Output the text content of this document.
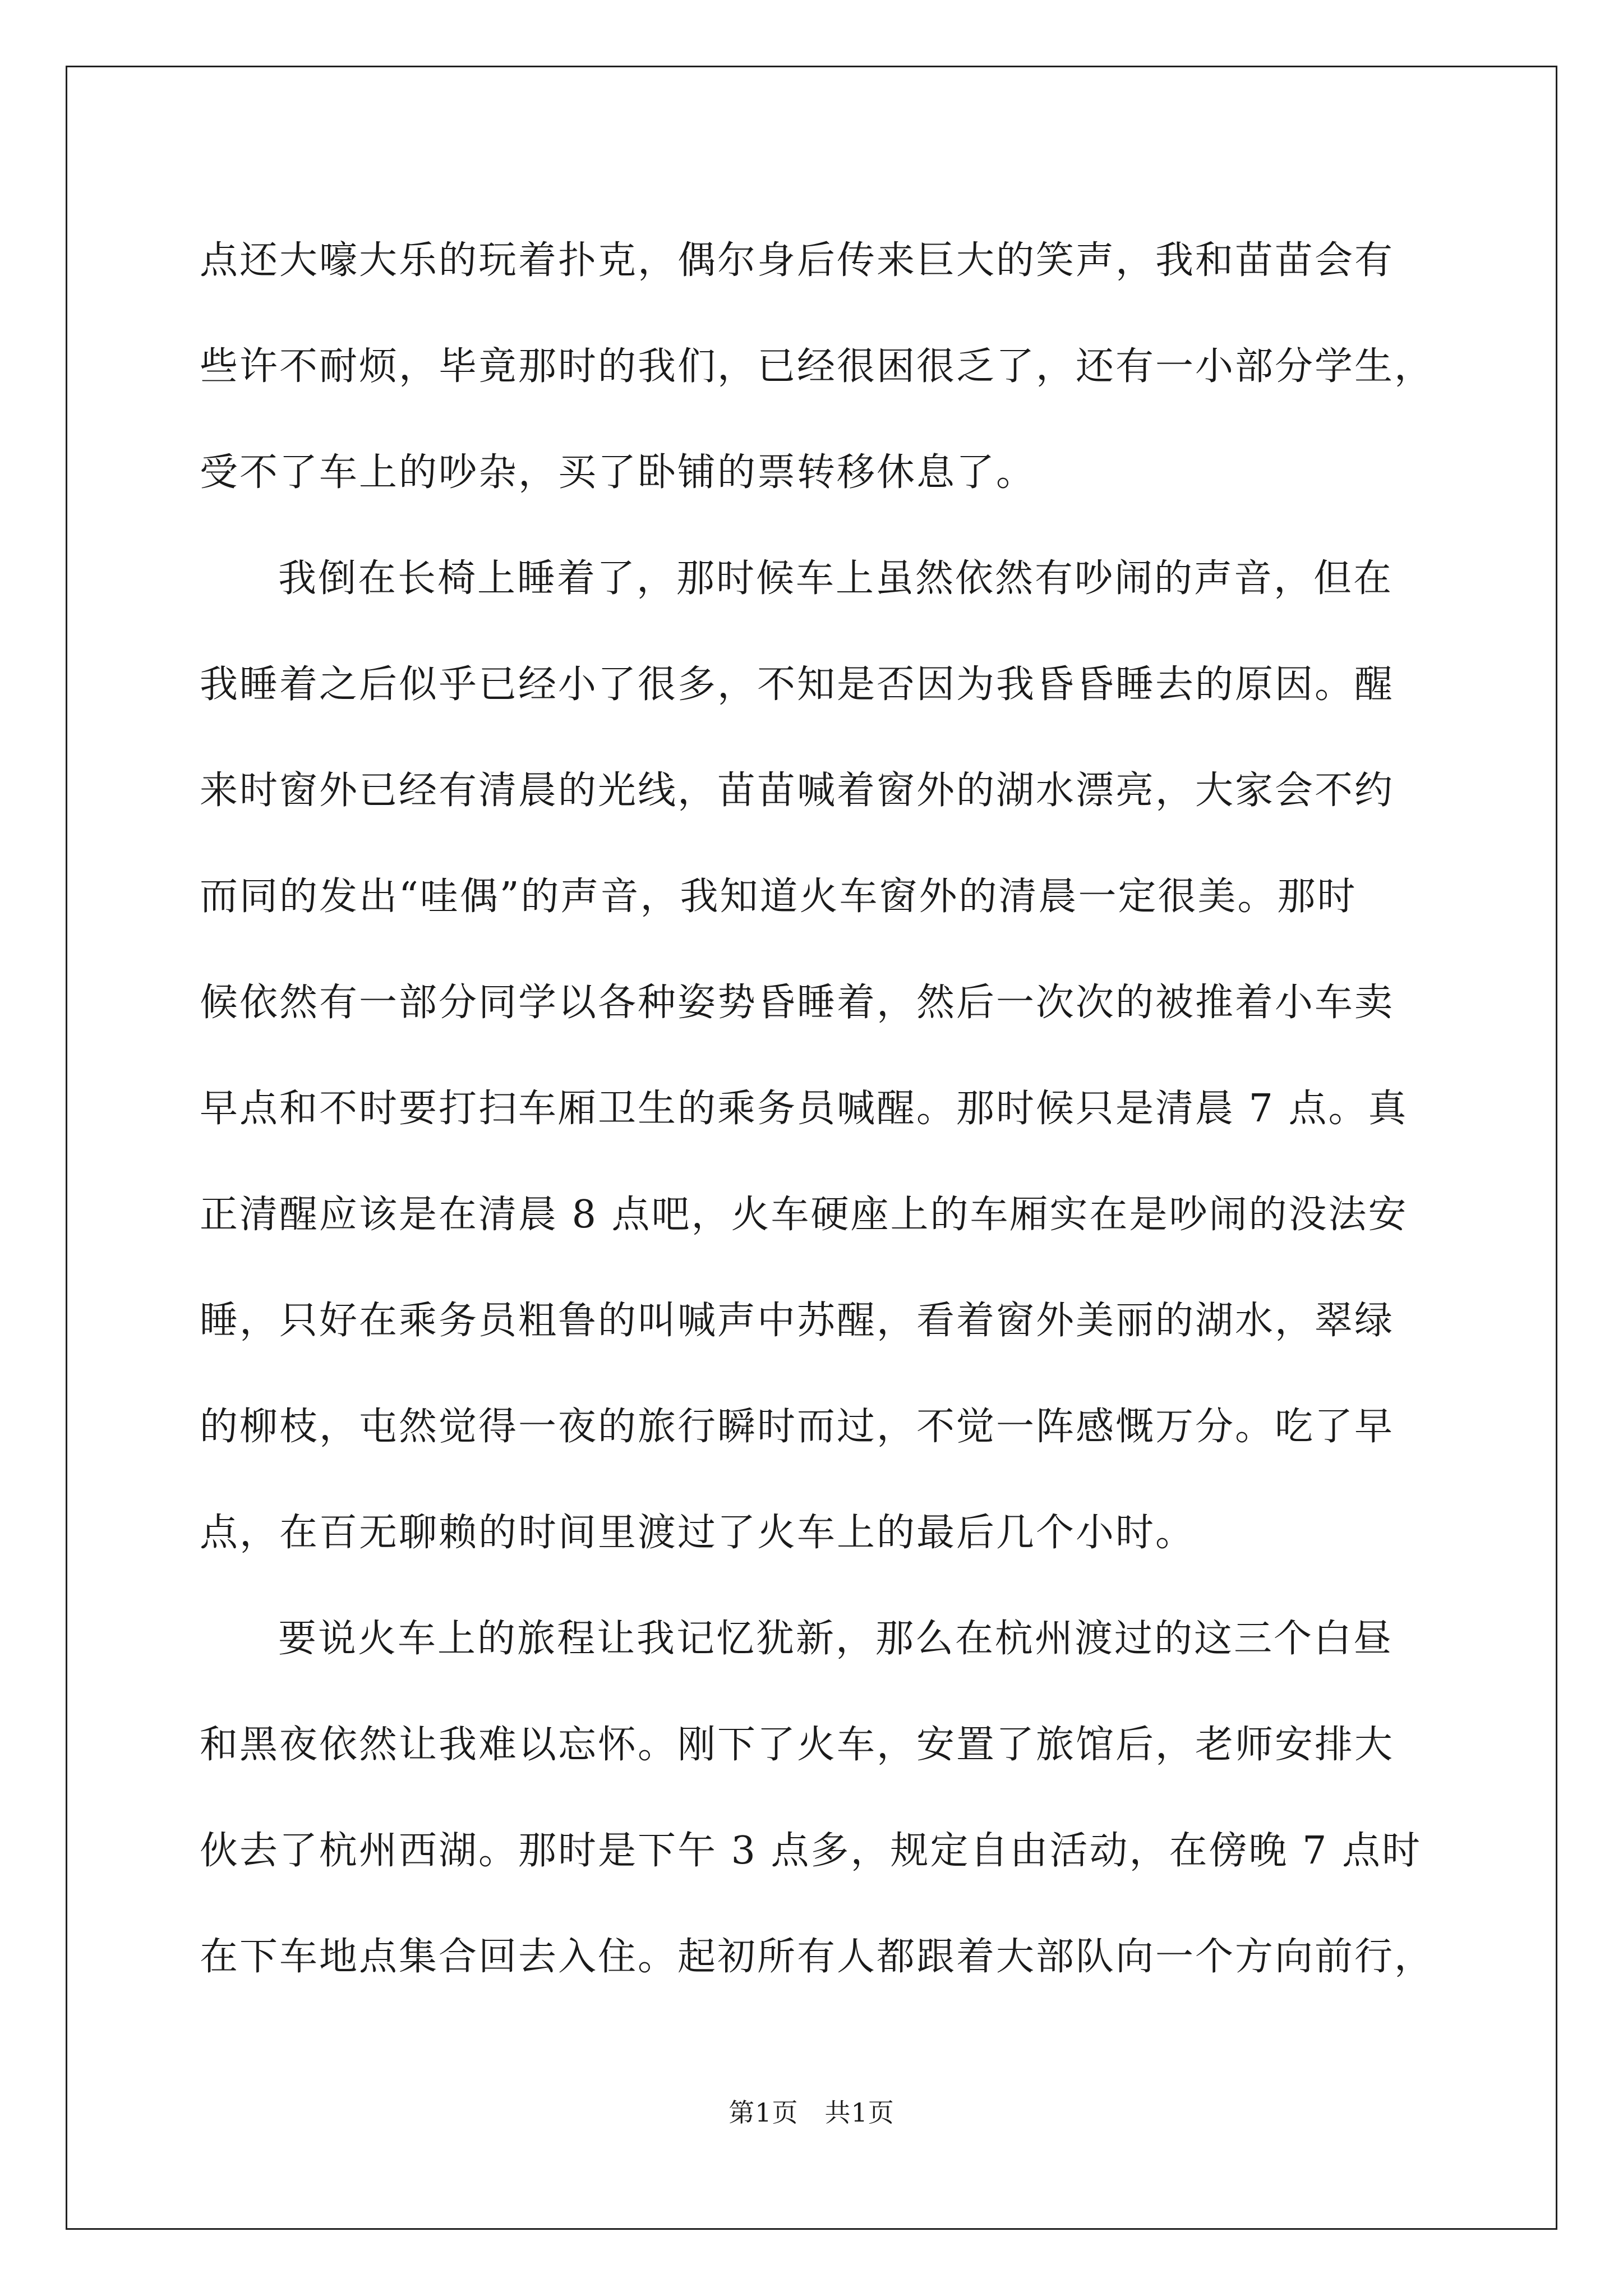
点还大嚎大乐的玩着扑克，偶尔身后传来巨大的笑声，我和苗苗会有
些许不耐烦，毕竟那时的我们，已经很困很乏了，还有一小部分学生，
受不了车上的吵杂，买了卧铺的票转移休息了。
我倒在长椅上睡着了，那时候车上虽然依然有吵闹的声音，但在
我睡着之后似乎已经小了很多，不知是否因为我昏昏睡去的原因。醒
来时窗外已经有清晨的光线，苗苗喊着窗外的湖水漂亮，大家会不约
而同的发出“哇偶”的声音，我知道火车窗外的清晨一定很美。那时
候依然有一部分同学以各种姿势昏睡着，然后一次次的被推着小车卖
早点和不时要打扫车厢卫生的乘务员喊醒。那时候只是清晨 7 点。真
正清醒应该是在清晨 8 点吧，火车硬座上的车厢实在是吵闹的没法安
睡，只好在乘务员粗鲁的叫喊声中苏醒，看着窗外美丽的湖水，翠绿
的柳枝，屯然觉得一夜的旅行瞬时而过，不觉一阵感慨万分。吃了早
点，在百无聊赖的时间里渡过了火车上的最后几个小时。
要说火车上的旅程让我记忆犹新，那么在杭州渡过的这三个白昼
和黑夜依然让我难以忘怀。刚下了火车，安置了旅馆后，老师安排大
伙去了杭州西湖。那时是下午 3 点多，规定自由活动，在傍晚 7 点时
在下车地点集合回去入住。起初所有人都跟着大部队向一个方向前行，
第1页　共1页
